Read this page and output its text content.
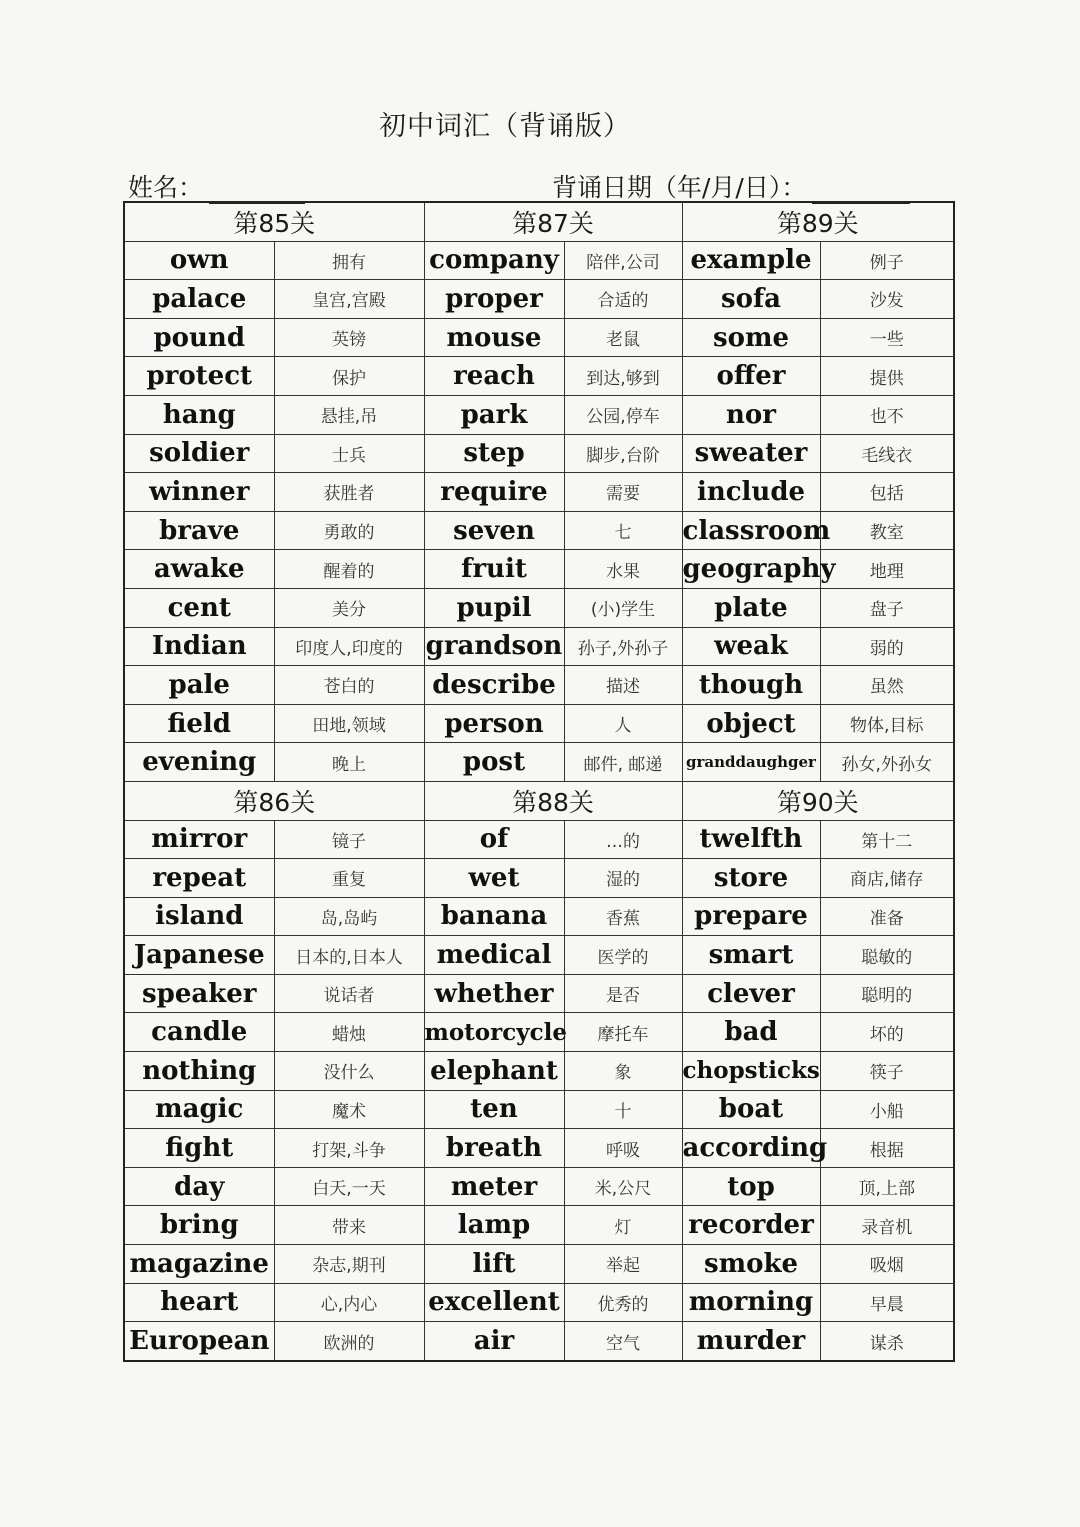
初中词汇（背诵版）
姓名：	背诵日期（年/月/日）：
第85关		第87关		第89关	
own	拥有	company	陪伴,公司	example	例子
palace	皇宫,宫殿	proper	合适的	sofa	沙发
pound	英镑	mouse	老鼠	some	一些
protect	保护	reach	到达,够到	offer	提供
hang	悬挂,吊	park	公园,停车	nor	也不
soldier	士兵	step	脚步,台阶	sweater	毛线衣
winner	获胜者	require	需要	include	包括
brave	勇敢的	seven	七	classroom	教室
awake	醒着的	fruit	水果	geography	地理
cent	美分	pupil	(小)学生	plate	盘子
Indian	印度人,印度的	grandson	孙子,外孙子	weak	弱的
pale	苍白的	describe	描述	though	虽然
field	田地,领域	person	人	object	物体,目标
evening	晚上	post	邮件, 邮递	granddaughger	孙女,外孙女
第86关		第88关		第90关	
mirror	镜子	of	…的	twelfth	第十二
repeat	重复	wet	湿的	store	商店,储存
island	岛,岛屿	banana	香蕉	prepare	准备
Japanese	日本的,日本人	medical	医学的	smart	聪敏的
speaker	说话者	whether	是否	clever	聪明的
candle	蜡烛	motorcycle	摩托车	bad	坏的
nothing	没什么	elephant	象	chopsticks	筷子
magic	魔术	ten	十	boat	小船
fight	打架,斗争	breath	呼吸	according	根据
day	白天,一天	meter	米,公尺	top	顶,上部
bring	带来	lamp	灯	recorder	录音机
magazine	杂志,期刊	lift	举起	smoke	吸烟
heart	心,内心	excellent	优秀的	morning	早晨
European	欧洲的	air	空气	murder	谋杀
